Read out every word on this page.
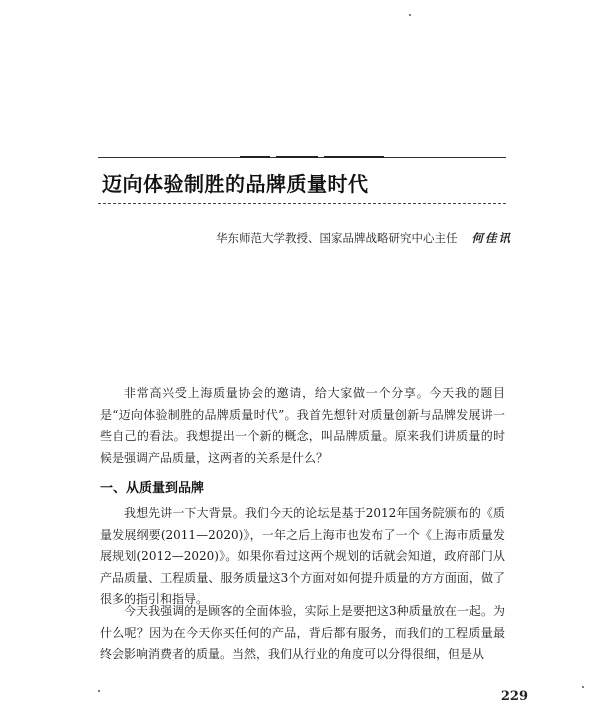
迈向体验制胜的品牌质量时代
华东师范大学教授、国家品牌战略研究中心主任 何佳讯

非常高兴受上海质量协会的邀请，给大家做一个分享。今天我的题目是“迈向体验制胜的品牌质量时代”。我首先想针对质量创新与品牌发展讲一些自己的看法。我想提出一个新的概念，叫品牌质量。原来我们讲质量的时候是强调产品质量，这两者的关系是什么？

一、从质量到品牌

我想先讲一下大背景。我们今天的论坛是基于2012年国务院颁布的《质量发展纲要(2011—2020)》，一年之后上海市也发布了一个《上海市质量发展规划(2012—2020)》。如果你看过这两个规划的话就会知道，政府部门从产品质量、工程质量、服务质量这3个方面对如何提升质量的方方面面，做了很多的指引和指导。

今天我强调的是顾客的全面体验，实际上是要把这3种质量放在一起。为什么呢？因为在今天你买任何的产品，背后都有服务，而我们的工程质量最终会影响消费者的质量。当然，我们从行业的角度可以分得很细，但是从

229
